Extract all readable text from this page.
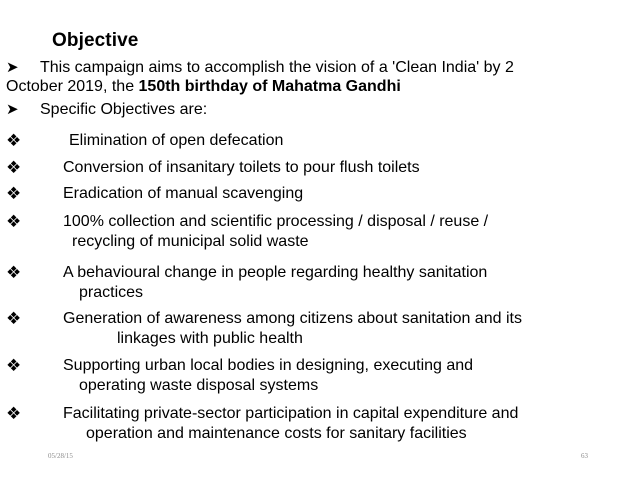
Objective
➤	This campaign aims to accomplish the vision of a 'Clean India' by 2
October 2019, the 150th birthday of Mahatma Gandhi
➤	Specific Objectives are:
❖	Elimination of open defecation
❖	Conversion of insanitary toilets to pour flush toilets
❖	Eradication of manual scavenging
❖	100% collection and scientific processing / disposal / reuse /
recycling of municipal solid waste
❖	A behavioural change in people regarding healthy sanitation
practices
❖	Generation of awareness among citizens about sanitation and its
linkages with public health
❖	Supporting urban local bodies in designing, executing and
operating waste disposal systems
❖	Facilitating private-sector participation in capital expenditure and
operation and maintenance costs for sanitary facilities
05/28/15	63
